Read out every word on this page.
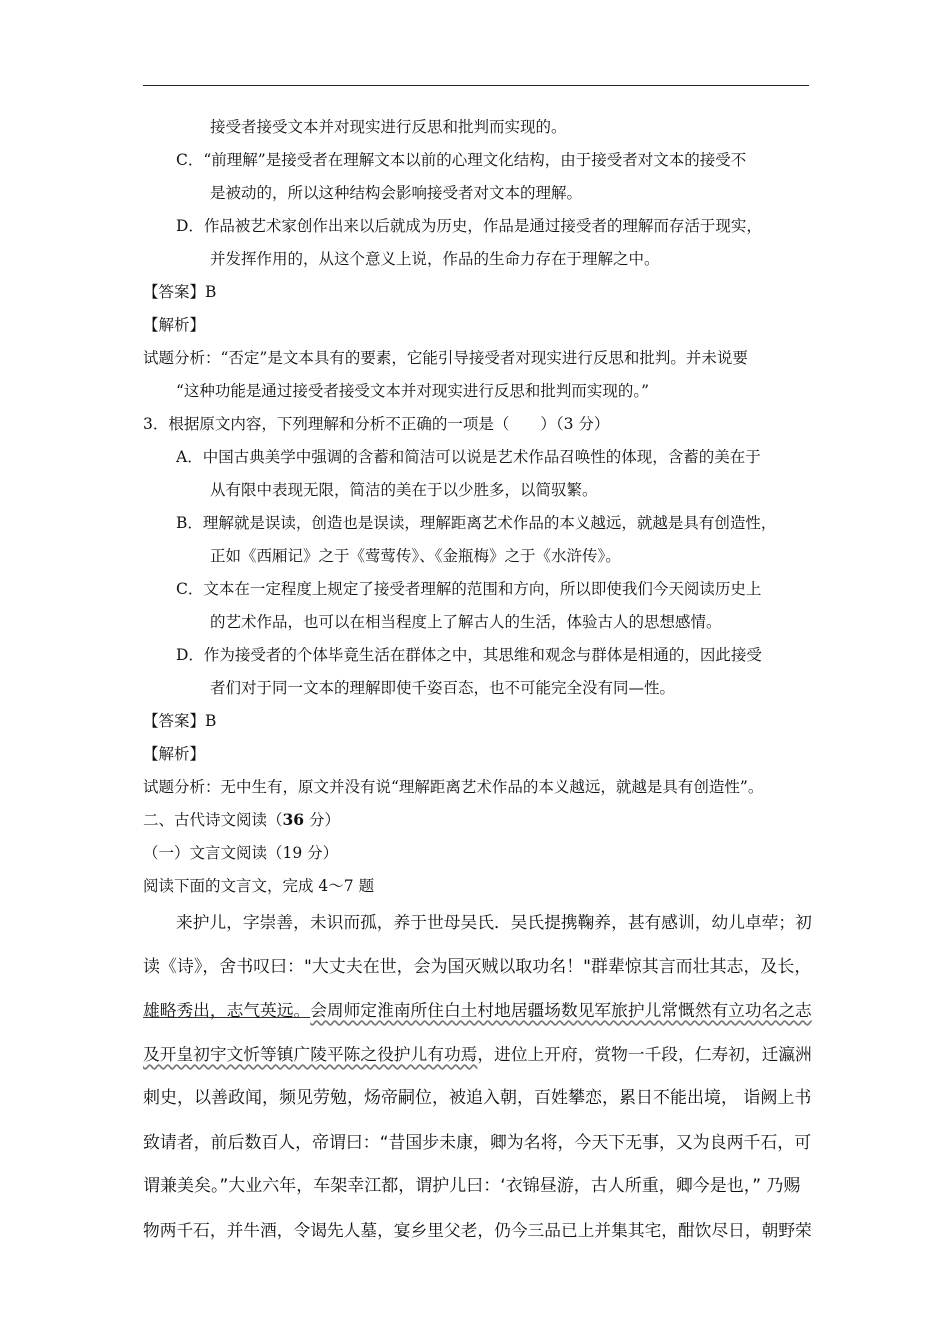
接受者接受文本并对现实进行反思和批判而实现的。
C．“前理解”是接受者在理解文本以前的心理文化结构，由于接受者对文本的接受不
是被动的，所以这种结构会影响接受者对文本的理解。
D．作品被艺术家创作出来以后就成为历史，作品是通过接受者的理解而存活于现实，
并发挥作用的，从这个意义上说，作品的生命力存在于理解之中。
【答案】B
【解析】
试题分析：“否定”是文本具有的要素，它能引导接受者对现实进行反思和批判。并未说要
“这种功能是通过接受者接受文本并对现实进行反思和批判而实现的。”
3．根据原文内容，下列理解和分析不正确的一项是（　　）（3 分）
A．中国古典美学中强调的含蓄和简洁可以说是艺术作品召唤性的体现，含蓄的美在于
从有限中表现无限，简洁的美在于以少胜多，以简驭繁。
B．理解就是误读，创造也是误读，理解距离艺术作品的本义越远，就越是具有创造性，
正如《西厢记》之于《莺莺传》、《金瓶梅》之于《水浒传》。
C．文本在一定程度上规定了接受者理解的范围和方向，所以即使我们今天阅读历史上
的艺术作品，也可以在相当程度上了解古人的生活，体验古人的思想感情。
D．作为接受者的个体毕竟生活在群体之中，其思维和观念与群体是相通的，因此接受
者们对于同一文本的理解即使千姿百态，也不可能完全没有同—性。
【答案】B
【解析】
试题分析：无中生有，原文并没有说“理解距离艺术作品的本义越远，就越是具有创造性”。
二、古代诗文阅读（36 分）
（一）文言文阅读（19 分）
阅读下面的文言文，完成 4～7 题
来护儿，字崇善，未识而孤，养于世母吴氏．吴氏提携鞠养，甚有感训，幼儿卓荦；初
读《诗》，舍书叹曰："大丈夫在世，会为国灭贼以取功名！"群辈惊其言而壮其志，及长，
雄略秀出，志气英远。会周师定淮南所住白土村地居疆场数见军旅护儿常慨然有立功名之志
及开皇初宇文忻等镇广陵平陈之役护儿有功焉，进位上开府，赏物一千段，仁寿初，迁瀛洲
刺史，以善政闻，频见劳勉，炀帝嗣位，被追入朝，百姓攀恋，累日不能出境， 诣阙上书
致请者，前后数百人，帝谓曰：“昔国步未康，卿为名将，今天下无事，又为良两千石，可
谓兼美矣。”大业六年，车架幸江都，谓护儿曰：‘衣锦昼游，古人所重，卿今是也，” 乃赐
物两千石，并牛酒，令谒先人墓，宴乡里父老，仍今三品已上并集其宅，酣饮尽日，朝野荣
